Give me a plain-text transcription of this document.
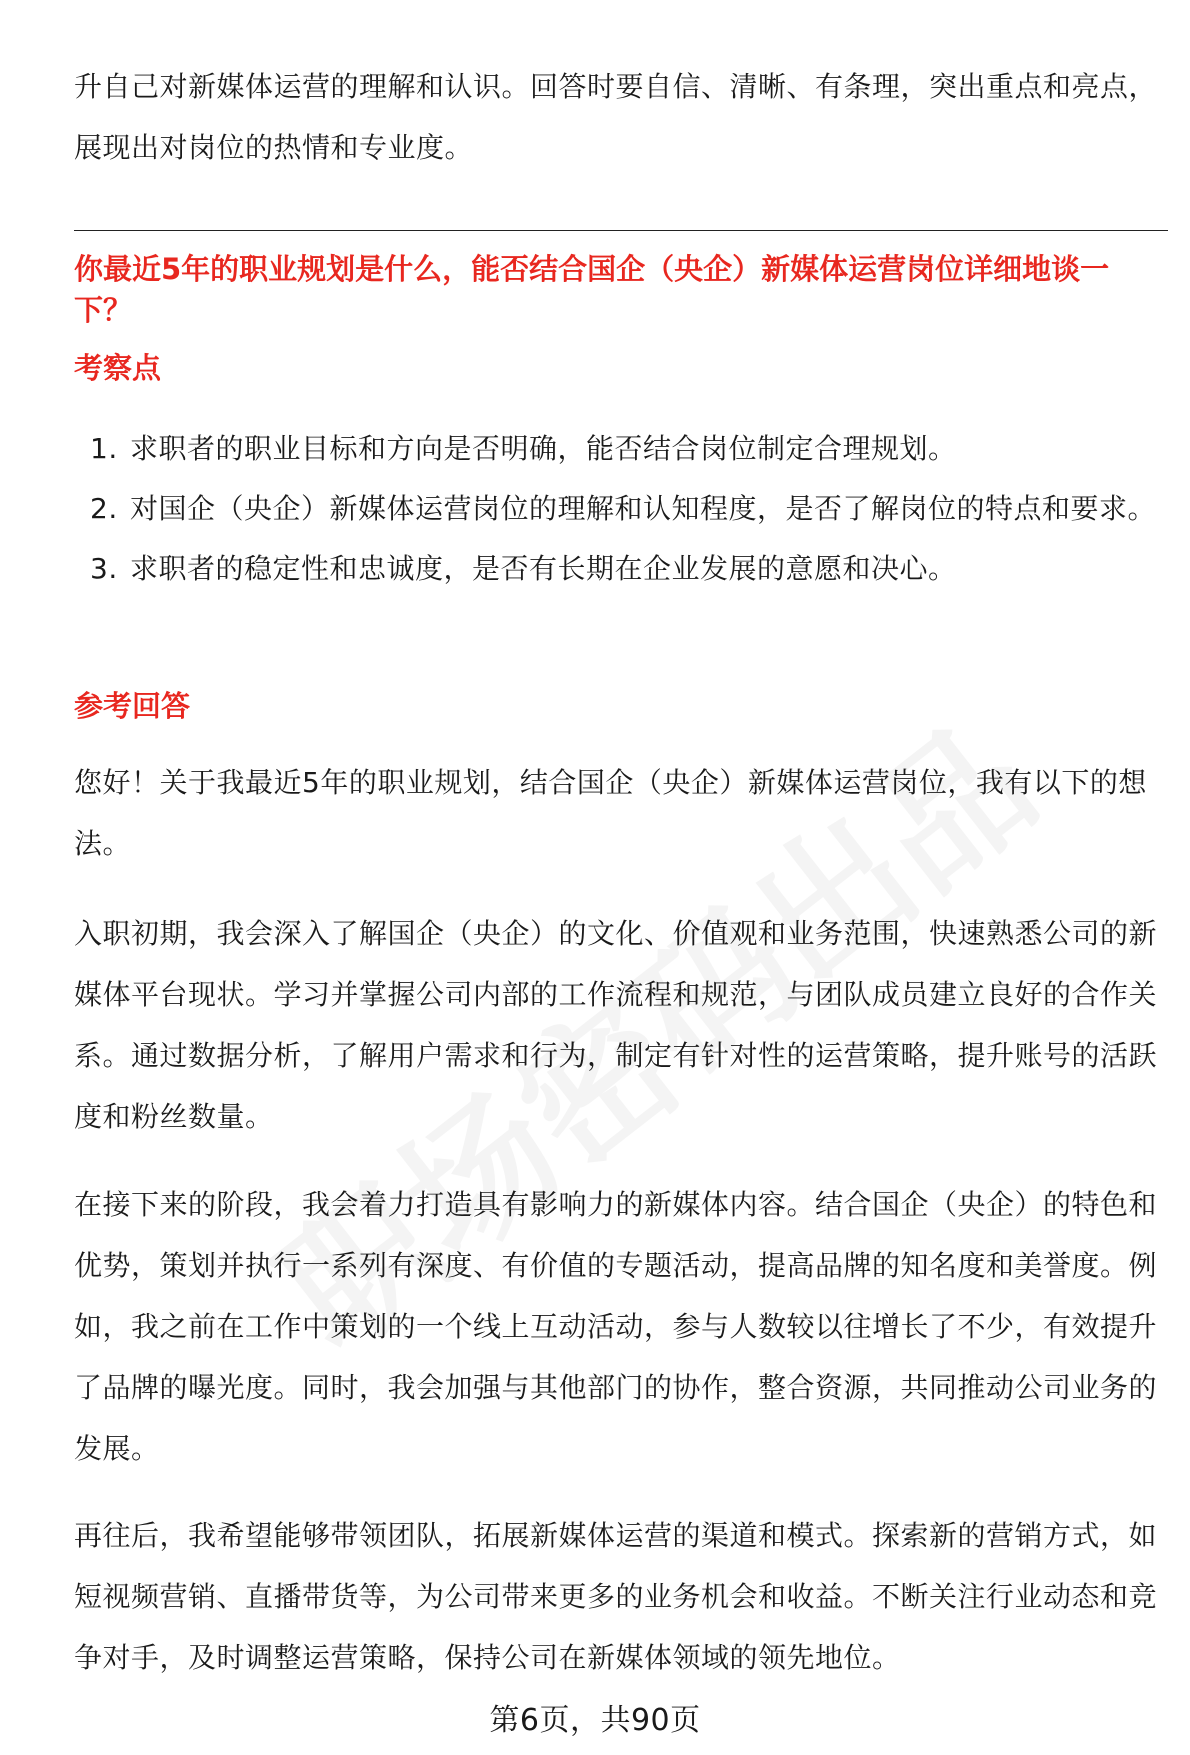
升自己对新媒体运营的理解和认识。回答时要自信、清晰、有条理，突出重点和亮点，展现出对岗位的热情和专业度。

你最近5年的职业规划是什么，能否结合国企（央企）新媒体运营岗位详细地谈一下？
考察点
1. 求职者的职业目标和方向是否明确，能否结合岗位制定合理规划。
2. 对国企（央企）新媒体运营岗位的理解和认知程度，是否了解岗位的特点和要求。
3. 求职者的稳定性和忠诚度，是否有长期在企业发展的意愿和决心。
参考回答

您好！关于我最近5年的职业规划，结合国企（央企）新媒体运营岗位，我有以下的想法。

入职初期，我会深入了解国企（央企）的文化、价值观和业务范围，快速熟悉公司的新媒体平台现状。学习并掌握公司内部的工作流程和规范，与团队成员建立良好的合作关系。通过数据分析，了解用户需求和行为，制定有针对性的运营策略，提升账号的活跃度和粉丝数量。

在接下来的阶段，我会着力打造具有影响力的新媒体内容。结合国企（央企）的特色和优势，策划并执行一系列有深度、有价值的专题活动，提高品牌的知名度和美誉度。例如，我之前在工作中策划的一个线上互动活动，参与人数较以往增长了不少，有效提升了品牌的曝光度。同时，我会加强与其他部门的协作，整合资源，共同推动公司业务的发展。

再往后，我希望能够带领团队，拓展新媒体运营的渠道和模式。探索新的营销方式，如短视频营销、直播带货等，为公司带来更多的业务机会和收益。不断关注行业动态和竞争对手，及时调整运营策略，保持公司在新媒体领域的领先地位。

第6页，共90页
